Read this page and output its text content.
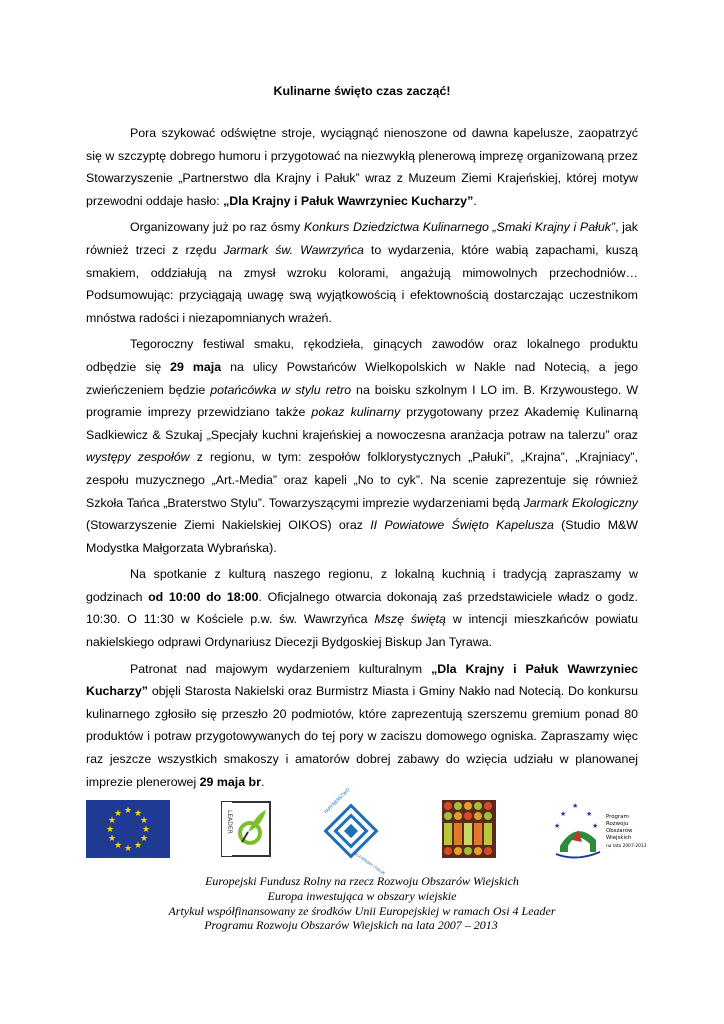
Kulinarne święto czas zacząć!

Pora szykować odświętne stroje, wyciągnąć nienoszone od dawna kapelusze, zaopatrzyć się w szczyptę dobrego humoru i przygotować na niezwykłą plenerową imprezę organizowaną przez Stowarzyszenie „Partnerstwo dla Krajny i Pałuk” wraz z Muzeum Ziemi Krajeńskiej, której motyw przewodni oddaje hasło: „Dla Krajny i Pałuk Wawrzyniec Kucharzy”.

Organizowany już po raz ósmy Konkurs Dziedzictwa Kulinarnego „Smaki Krajny i Pałuk”, jak również trzeci z rzędu Jarmark św. Wawrzyńca to wydarzenia, które wabią zapachami, kuszą smakiem, oddziałują na zmysł wzroku kolorami, angażują mimowolnych przechodniów… Podsumowując: przyciągają uwagę swą wyjątkowością i efektownością dostarczając uczestnikom mnóstwa radości i niezapomnianych wrażeń.

Tegoroczny festiwal smaku, rękodzieła, ginących zawodów oraz lokalnego produktu odbędzie się 29 maja na ulicy Powstańców Wielkopolskich w Nakle nad Notecią, a jego zwieńczeniem będzie potańcówka w stylu retro na boisku szkolnym I LO im. B. Krzywoustego. W programie imprezy przewidziano także pokaz kulinarny przygotowany przez Akademię Kulinarną Sadkiewicz & Szukaj „Specjały kuchni krajeńskiej a nowoczesna aranżacja potraw na talerzu” oraz występy zespołów z regionu, w tym: zespołów folklorystycznych „Pałuki”, „Krajna”, „Krajniacy”, zespołu muzycznego „Art.-Media” oraz kapeli „No to cyk”. Na scenie zaprezentuje się również Szkoła Tańca „Braterstwo Stylu”. Towarzyszącymi imprezie wydarzeniami będą Jarmark Ekologiczny (Stowarzyszenie Ziemi Nakielskiej OIKOS) oraz II Powiatowe Święto Kapelusza (Studio M&W Modystka Małgorzata Wybrańska).

Na spotkanie z kulturą naszego regionu, z lokalną kuchnią i tradycją zapraszamy w godzinach od 10:00 do 18:00. Oficjalnego otwarcia dokonają zaś przedstawiciele władz o godz. 10:30. O 11:30 w Kościele p.w. św. Wawrzyńca Mszę świętą w intencji mieszkańców powiatu nakielskiego odprawi Ordynariusz Diecezji Bydgoskiej Biskup Jan Tyrawa.

Patronat nad majowym wydarzeniem kulturalnym „Dla Krajny i Pałuk Wawrzyniec Kucharzy” objęli Starosta Nakielski oraz Burmistrz Miasta i Gminy Nakło nad Notecią. Do konkursu kulinarnego zgłosiło się przeszło 20 podmiotów, które zaprezentują szerszemu gremium ponad 80 produktów i potraw przygotowywanych do tej pory w zaciszu domowego ogniska. Zapraszamy więc raz jeszcze wszystkich smakoszy i amatorów dobrej zabawy do wzięcia udziału w planowanej imprezie plenerowej 29 maja br.

★ ★
★
★
★
★
★
★
★
★
★
★	LEADER
PARTNERSTWO
DLA KRAJNY I PAŁUK
★
★
★
★	★
Program
Rozwoju
Obszarów
Wiejskich
na lata 2007-2013
Europejski Fundusz Rolny na rzecz Rozwoju Obszarów Wiejskich
Europa inwestująca w obszary wiejskie
Artykuł współfinansowany ze środków Unii Europejskiej w ramach Osi 4 Leader
Programu Rozwoju Obszarów Wiejskich na lata 2007 – 2013
